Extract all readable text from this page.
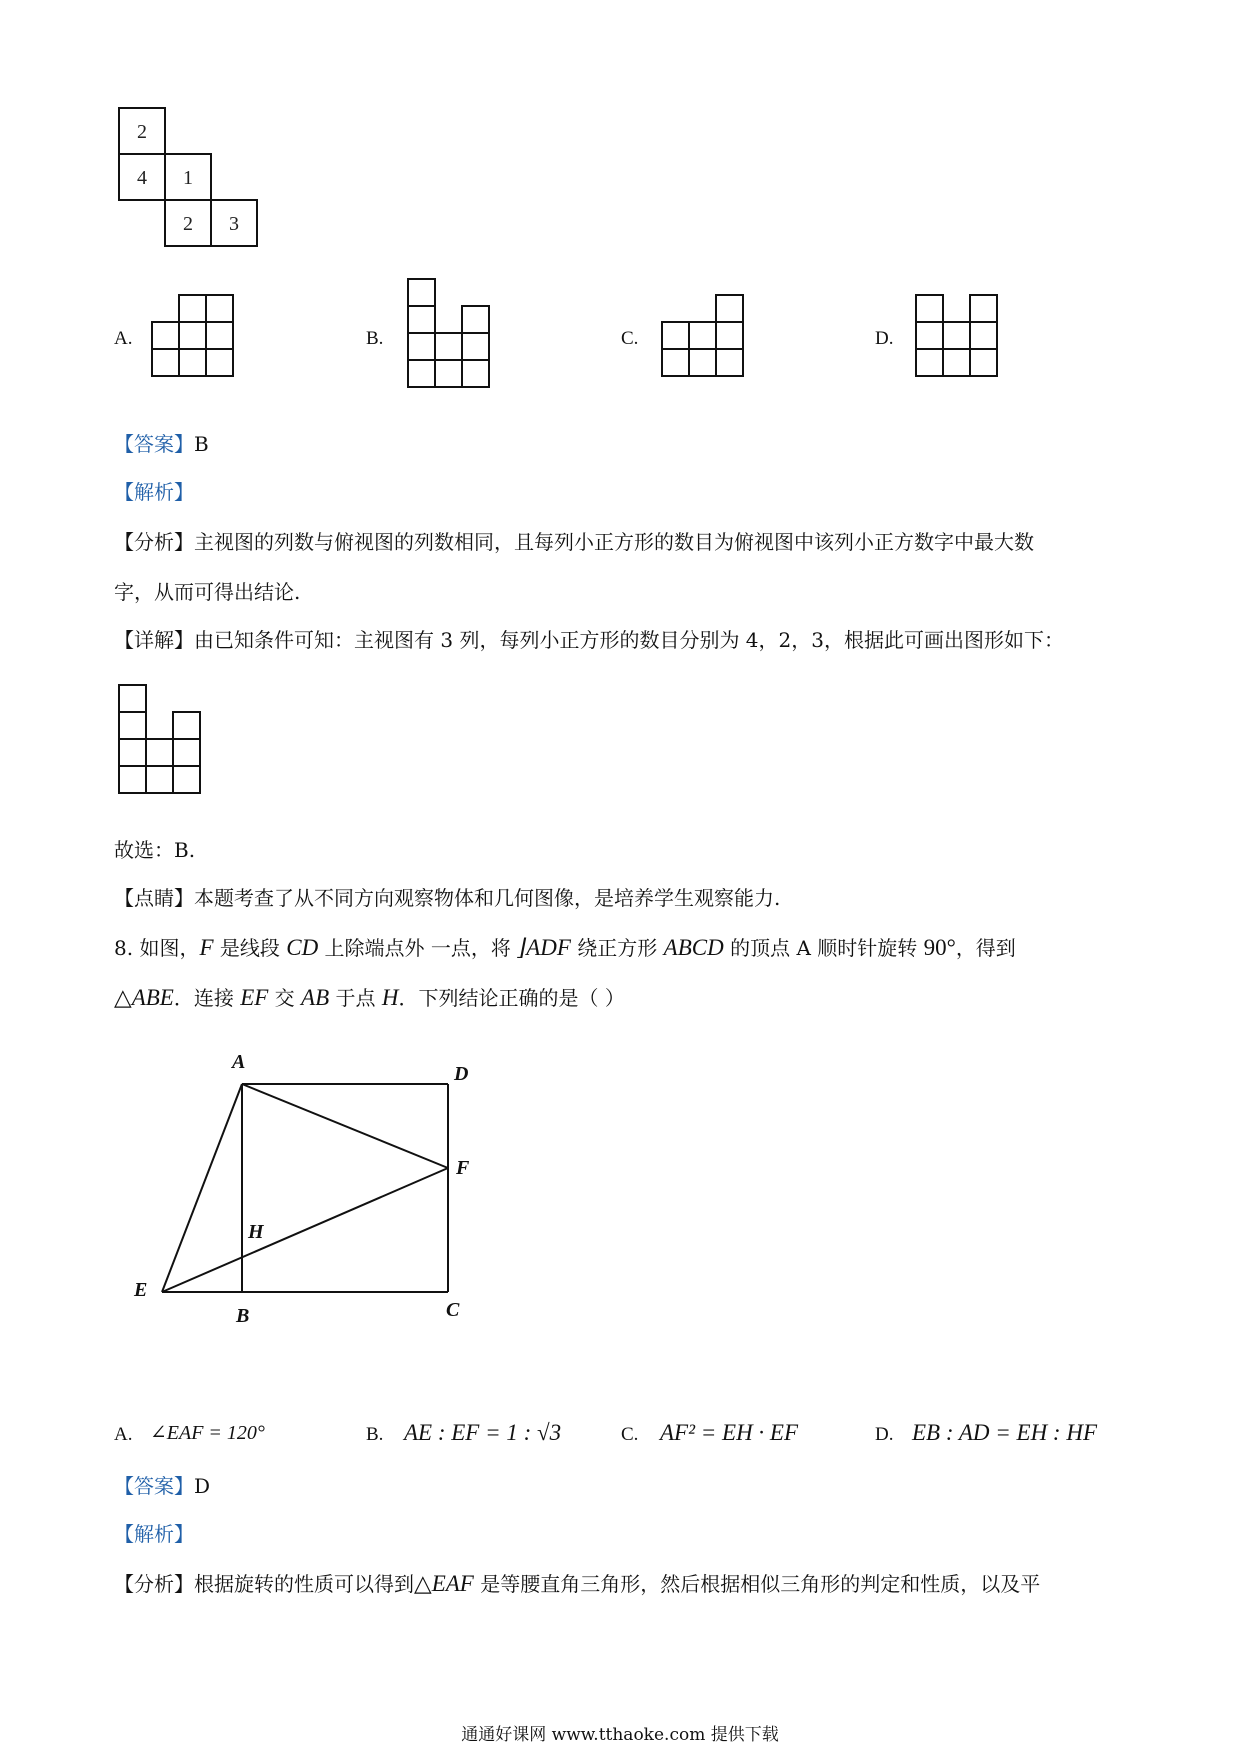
2
4 1
2 3
A.	B.	C.	D.
【答案】B
【解析】
【分析】主视图的列数与俯视图的列数相同，且每列小正方形的数目为俯视图中该列小正方数字中最大数
字，从而可得出结论.
【详解】由已知条件可知：主视图有 3 列，每列小正方形的数目分别为 4，2，3，根据此可画出图形如下：
故选：B.
【点睛】本题考查了从不同方向观察物体和几何图像，是培养学生观察能力.
8. 如图，F 是线段 CD 上除端点外 一点，将 ⌋ADF 绕正方形 ABCD 的顶点 A 顺时针旋转 90°，得到
△ABE．连接 EF 交 AB 于点 H．下列结论正确的是（ ）
A
D
F
H
E
B	C
A. ∠EAF = 120°	B. AE : EF = 1 : √3	C. AF² = EH · EF	D. EB : AD = EH : HF
【答案】D
【解析】
【分析】根据旋转的性质可以得到△EAF 是等腰直角三角形，然后根据相似三角形的判定和性质，以及平
通通好课网 www.tthaoke.com 提供下载
